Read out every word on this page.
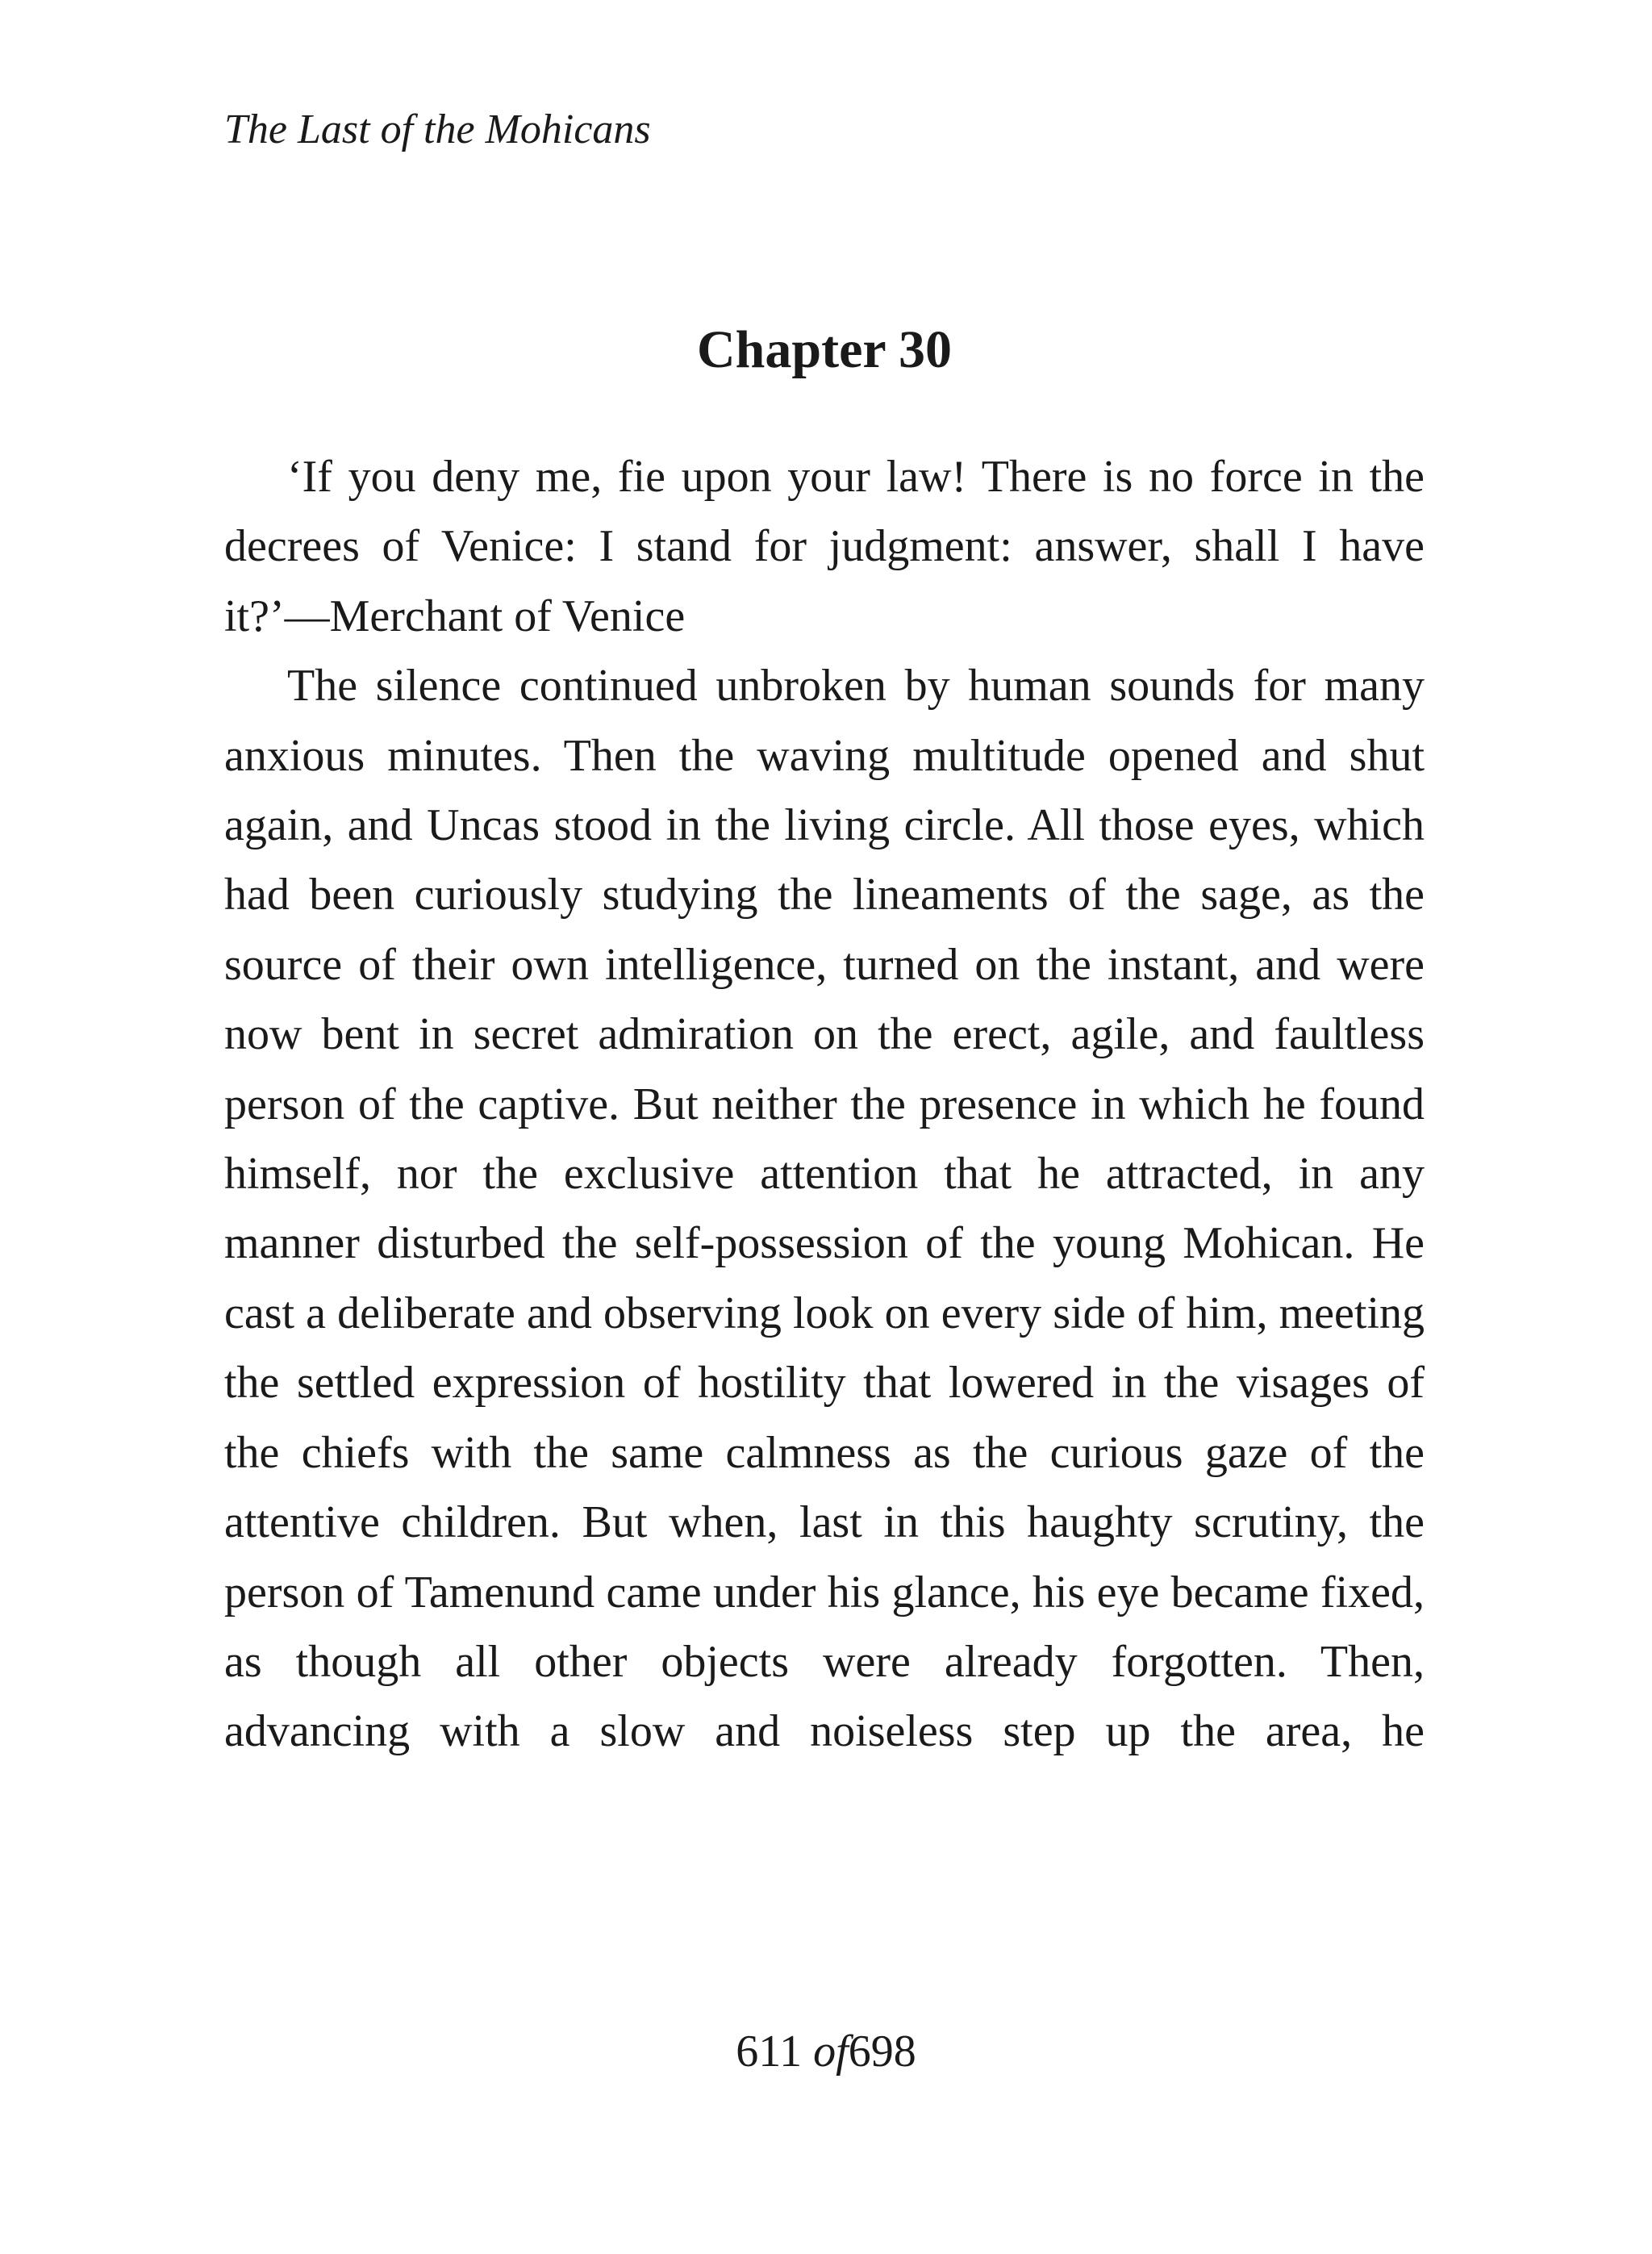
The Last of the Mohicans
Chapter 30

‘If you deny me, fie upon your law! There is no force in the decrees of Venice: I stand for judgment: answer, shall I have it?’—Merchant of Venice

The silence continued unbroken by human sounds for many anxious minutes. Then the waving multitude opened and shut again, and Uncas stood in the living circle. All those eyes, which had been curiously studying the lineaments of the sage, as the source of their own intelligence, turned on the instant, and were now bent in secret admiration on the erect, agile, and faultless person of the captive. But neither the presence in which he found himself, nor the exclusive attention that he attracted, in any manner disturbed the self-possession of the young Mohican. He cast a deliberate and observing look on every side of him, meeting the settled expression of hostility that lowered in the visages of the chiefs with the same calmness as the curious gaze of the attentive children. But when, last in this haughty scrutiny, the person of Tamenund came under his glance, his eye became fixed, as though all other objects were already forgotten. Then, advancing with a slow and noiseless step up the area, he

611 of698
